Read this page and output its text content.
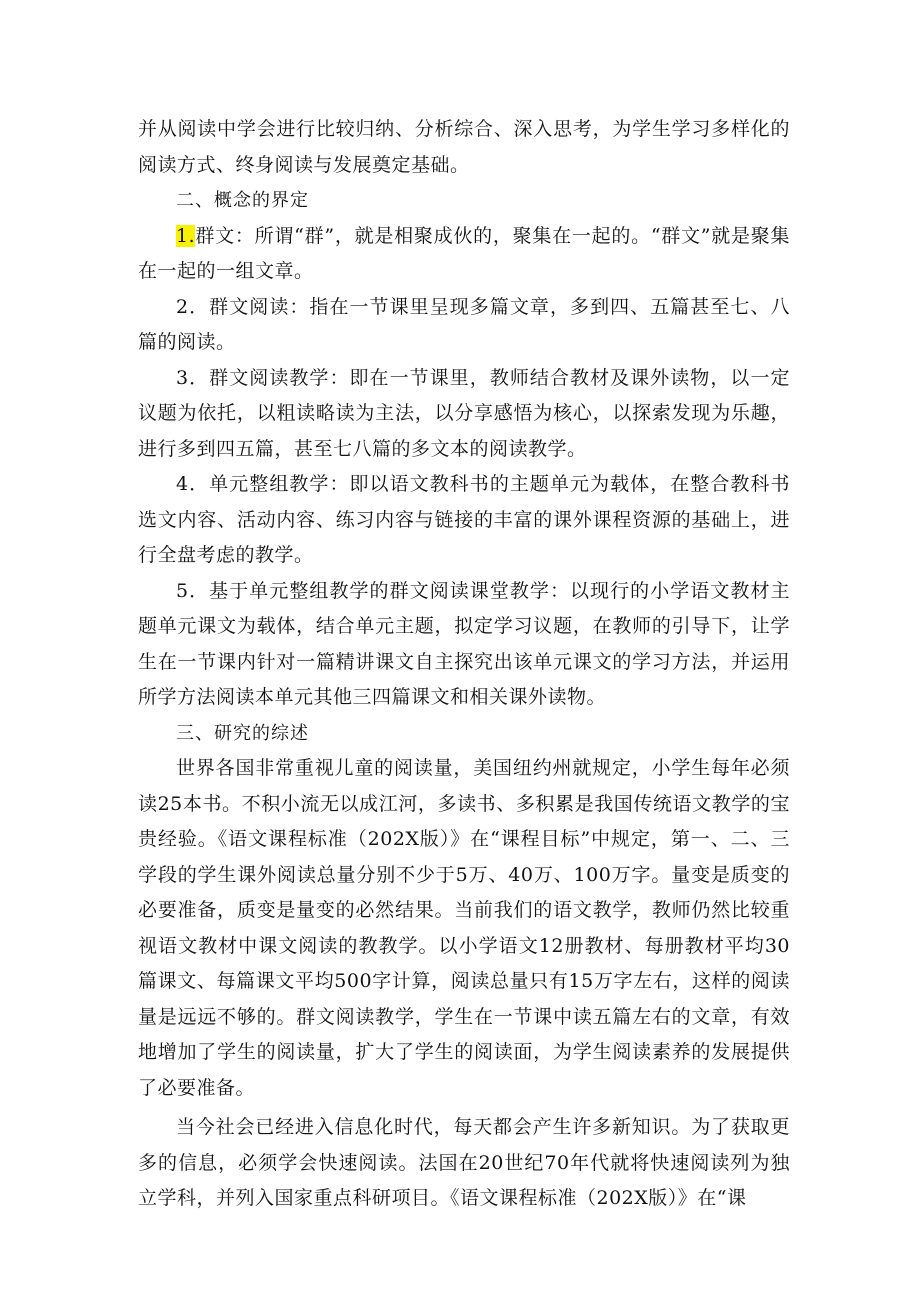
并从阅读中学会进行比较归纳、分析综合、深入思考，为学生学习多样化的阅读方式、终身阅读与发展奠定基础。

二、概念的界定

1.群文：所谓“群”，就是相聚成伙的，聚集在一起的。“群文”就是聚集在一起的一组文章。

2．群文阅读：指在一节课里呈现多篇文章，多到四、五篇甚至七、八篇的阅读。

3．群文阅读教学：即在一节课里，教师结合教材及课外读物，以一定议题为依托，以粗读略读为主法，以分享感悟为核心，以探索发现为乐趣，进行多到四五篇，甚至七八篇的多文本的阅读教学。

4．单元整组教学：即以语文教科书的主题单元为载体，在整合教科书选文内容、活动内容、练习内容与链接的丰富的课外课程资源的基础上，进行全盘考虑的教学。

5．基于单元整组教学的群文阅读课堂教学：以现行的小学语文教材主题单元课文为载体，结合单元主题，拟定学习议题，在教师的引导下，让学生在一节课内针对一篇精讲课文自主探究出该单元课文的学习方法，并运用所学方法阅读本单元其他三四篇课文和相关课外读物。

三、研究的综述

世界各国非常重视儿童的阅读量，美国纽约州就规定，小学生每年必须读25本书。不积小流无以成江河，多读书、多积累是我国传统语文教学的宝贵经验。《语文课程标准（202X版）》在“课程目标”中规定，第一、二、三学段的学生课外阅读总量分别不少于5万、40万、100万字。量变是质变的必要准备，质变是量变的必然结果。当前我们的语文教学，教师仍然比较重视语文教材中课文阅读的教教学。以小学语文12册教材、每册教材平均30篇课文、每篇课文平均500字计算，阅读总量只有15万字左右，这样的阅读量是远远不够的。群文阅读教学，学生在一节课中读五篇左右的文章，有效地增加了学生的阅读量，扩大了学生的阅读面，为学生阅读素养的发展提供了必要准备。

当今社会已经进入信息化时代，每天都会产生许多新知识。为了获取更多的信息，必须学会快速阅读。法国在20世纪70年代就将快速阅读列为独立学科，并列入国家重点科研项目。《语文课程标准（202X版）》在“课
